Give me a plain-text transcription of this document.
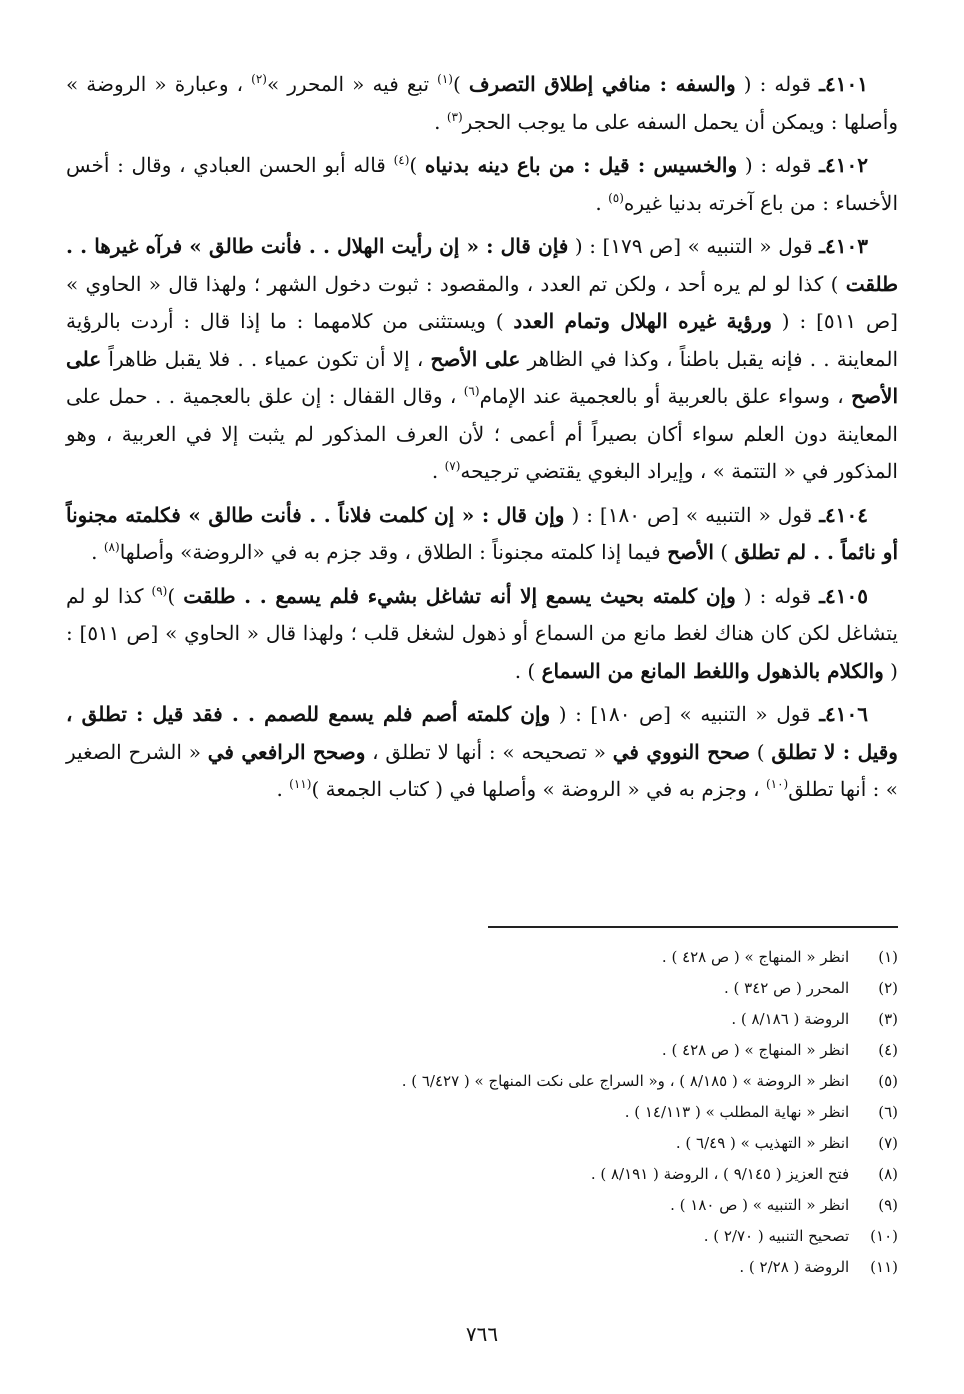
٤١٠١ـ قوله : ( والسفه : منافي إطلاق التصرف )$^{(١)}$ تبع فيه « المحرر »$^{(٢)}$ ، وعبارة « الروضة » وأصلها : ويمكن أن يحمل السفه على ما يوجب الحجر$^{(٣)}$ .

٤١٠٢ـ قوله : ( والخسيس : قيل : من باع دينه بدنياه )$^{(٤)}$ قاله أبو الحسن العبادي ، وقال : أخس الأخساء : من باع آخرته بدنيا غيره$^{(٥)}$ .

٤١٠٣ـ قول « التنبيه » [ص ١٧٩] : ( فإن قال : « إن رأيت الهلال . . فأنت طالق » فرآه غيرها . . طلقت ) كذا لو لم يره أحد ، ولكن تم العدد ، والمقصود : ثبوت دخول الشهر ؛ ولهذا قال « الحاوي » [ص ٥١١] : ( ورؤية غيره الهلال وتمام العدد ) ويستثنى من كلامهما : ما إذا قال : أردت بالرؤية المعاينة . . فإنه يقبل باطناً ، وكذا في الظاهر على الأصح ، إلا أن تكون عمياء . . فلا يقبل ظاهراً على الأصح ، وسواء علق بالعربية أو بالعجمية عند الإمام$^{(٦)}$ ، وقال القفال : إن علق بالعجمية . . حمل على المعاينة دون العلم سواء أكان بصيراً أم أعمى ؛ لأن العرف المذكور لم يثبت إلا في العربية ، وهو المذكور في « التتمة » ، وإيراد البغوي يقتضي ترجيحه$^{(٧)}$ .

٤١٠٤ـ قول « التنبيه » [ص ١٨٠] : ( وإن قال : « إن كلمت فلاناً . . فأنت طالق » فكلمته مجنوناً أو نائماً . . لم تطلق ) الأصح فيما إذا كلمته مجنوناً : الطلاق ، وقد جزم به في «الروضة» وأصلها$^{(٨)}$ .

٤١٠٥ـ قوله : ( وإن كلمته بحيث يسمع إلا أنه تشاغل بشيء فلم يسمع . . طلقت )$^{(٩)}$ كذا لو لم يتشاغل لكن كان هناك لغط مانع من السماع أو ذهول لشغل قلب ؛ ولهذا قال « الحاوي » [ص ٥١١] : ( والكلام بالذهول واللغط المانع من السماع ) .

٤١٠٦ـ قول « التنبيه » [ص ١٨٠] : ( وإن كلمته أصم فلم يسمع للصمم . . فقد قيل : تطلق ، وقيل : لا تطلق ) صحح النووي في « تصحيحه » : أنها لا تطلق ، وصحح الرافعي في « الشرح الصغير » : أنها تطلق$^{(١٠)}$ ، وجزم به في « الروضة » وأصلها في ( كتاب الجمعة )$^{(١١)}$ .

(١) انظر « المنهاج » ( ص ٤٢٨ ) .
(٢) المحرر ( ص ٣٤٢ ) .
(٣) الروضة ( ٨/١٨٦ ) .
(٤) انظر « المنهاج » ( ص ٤٢٨ ) .
(٥) انظر « الروضة » ( ٨/١٨٥ ) ، و« السراج على نكت المنهاج » ( ٦/٤٢٧ ) .
(٦) انظر « نهاية المطلب » ( ١٤/١١٣ ) .
(٧) انظر « التهذيب » ( ٦/٤٩ ) .
(٨) فتح العزيز ( ٩/١٤٥ ) ، الروضة ( ٨/١٩١ ) .
(٩) انظر « التنبيه » ( ص ١٨٠ ) .
(١٠) تصحيح التنبيه ( ٢/٧٠ ) .
(١١) الروضة ( ٢/٢٨ ) .
٧٦٦
